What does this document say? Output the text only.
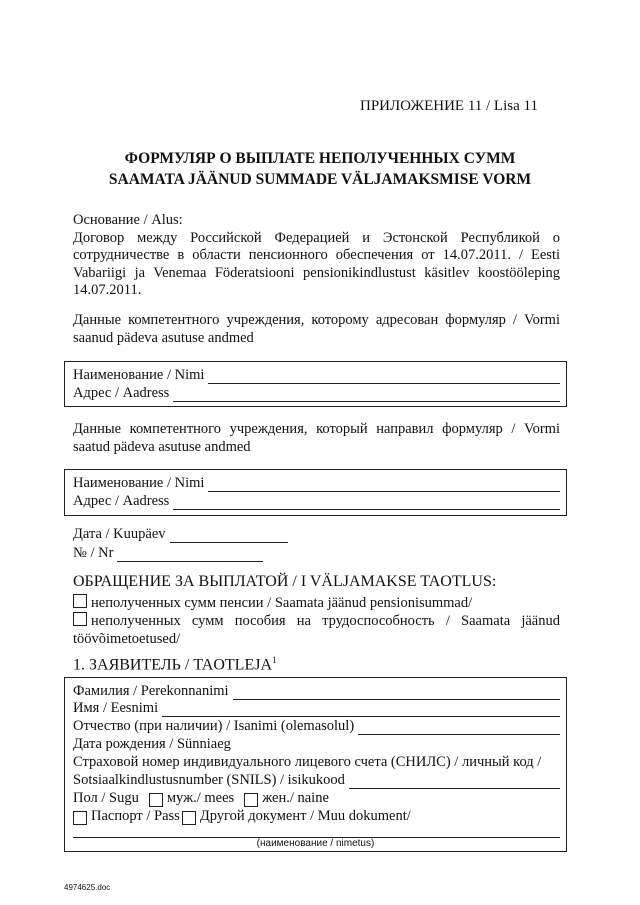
ПРИЛОЖЕНИЕ 11 / Lisa 11
ФОРМУЛЯР О ВЫПЛАТЕ НЕПОЛУЧЕННЫХ СУММ
SAAMATA JÄÄNUD SUMMADE VÄLJAMAKSMISE VORM
Основание / Alus:
Договор между Российской Федерацией и Эстонской Республикой о сотрудничестве в области пенсионного обеспечения от 14.07.2011. / Eesti Vabariigi ja Venemaa Föderatsiooni pensionikindlustust käsitlev koostööleping 14.07.2011.
Данные компетентного учреждения, которому адресован формуляр / Vormi saanud pädeva asutuse andmed
Наименование / Nimi
Адрес / Aadress
Данные компетентного учреждения, который направил формуляр / Vormi saatud pädeva asutuse andmed
Наименование / Nimi
Адрес / Aadress
Дата / Kuupäev
№ / Nr
ОБРАЩЕНИЕ ЗА ВЫПЛАТОЙ / I VÄLJAMAKSE TAOTLUS:
неполученных сумм пенсии / Saamata jäänud pensionisummad/
неполученных сумм пособия на трудоспособность / Saamata jäänud töövõimetoetused/
1. ЗАЯВИТЕЛЬ / TAOTLEJA$^1$
Фамилия / Perekonnanimi
Имя / Eesnimi
Отчество (при наличии) / Isanimi (olemasolul)
Дата рождения / Sünniaeg
Страховой номер индивидуального лицевого счета (СНИЛС) / личный код /
Sotsiaalkindlustusnumber (SNILS) / isikukood
Пол / Sugu муж./ mees жен./ naine
Паспорт / Pass Другой документ / Muu dokument/
(наименование / nimetus)
4974625.doc
